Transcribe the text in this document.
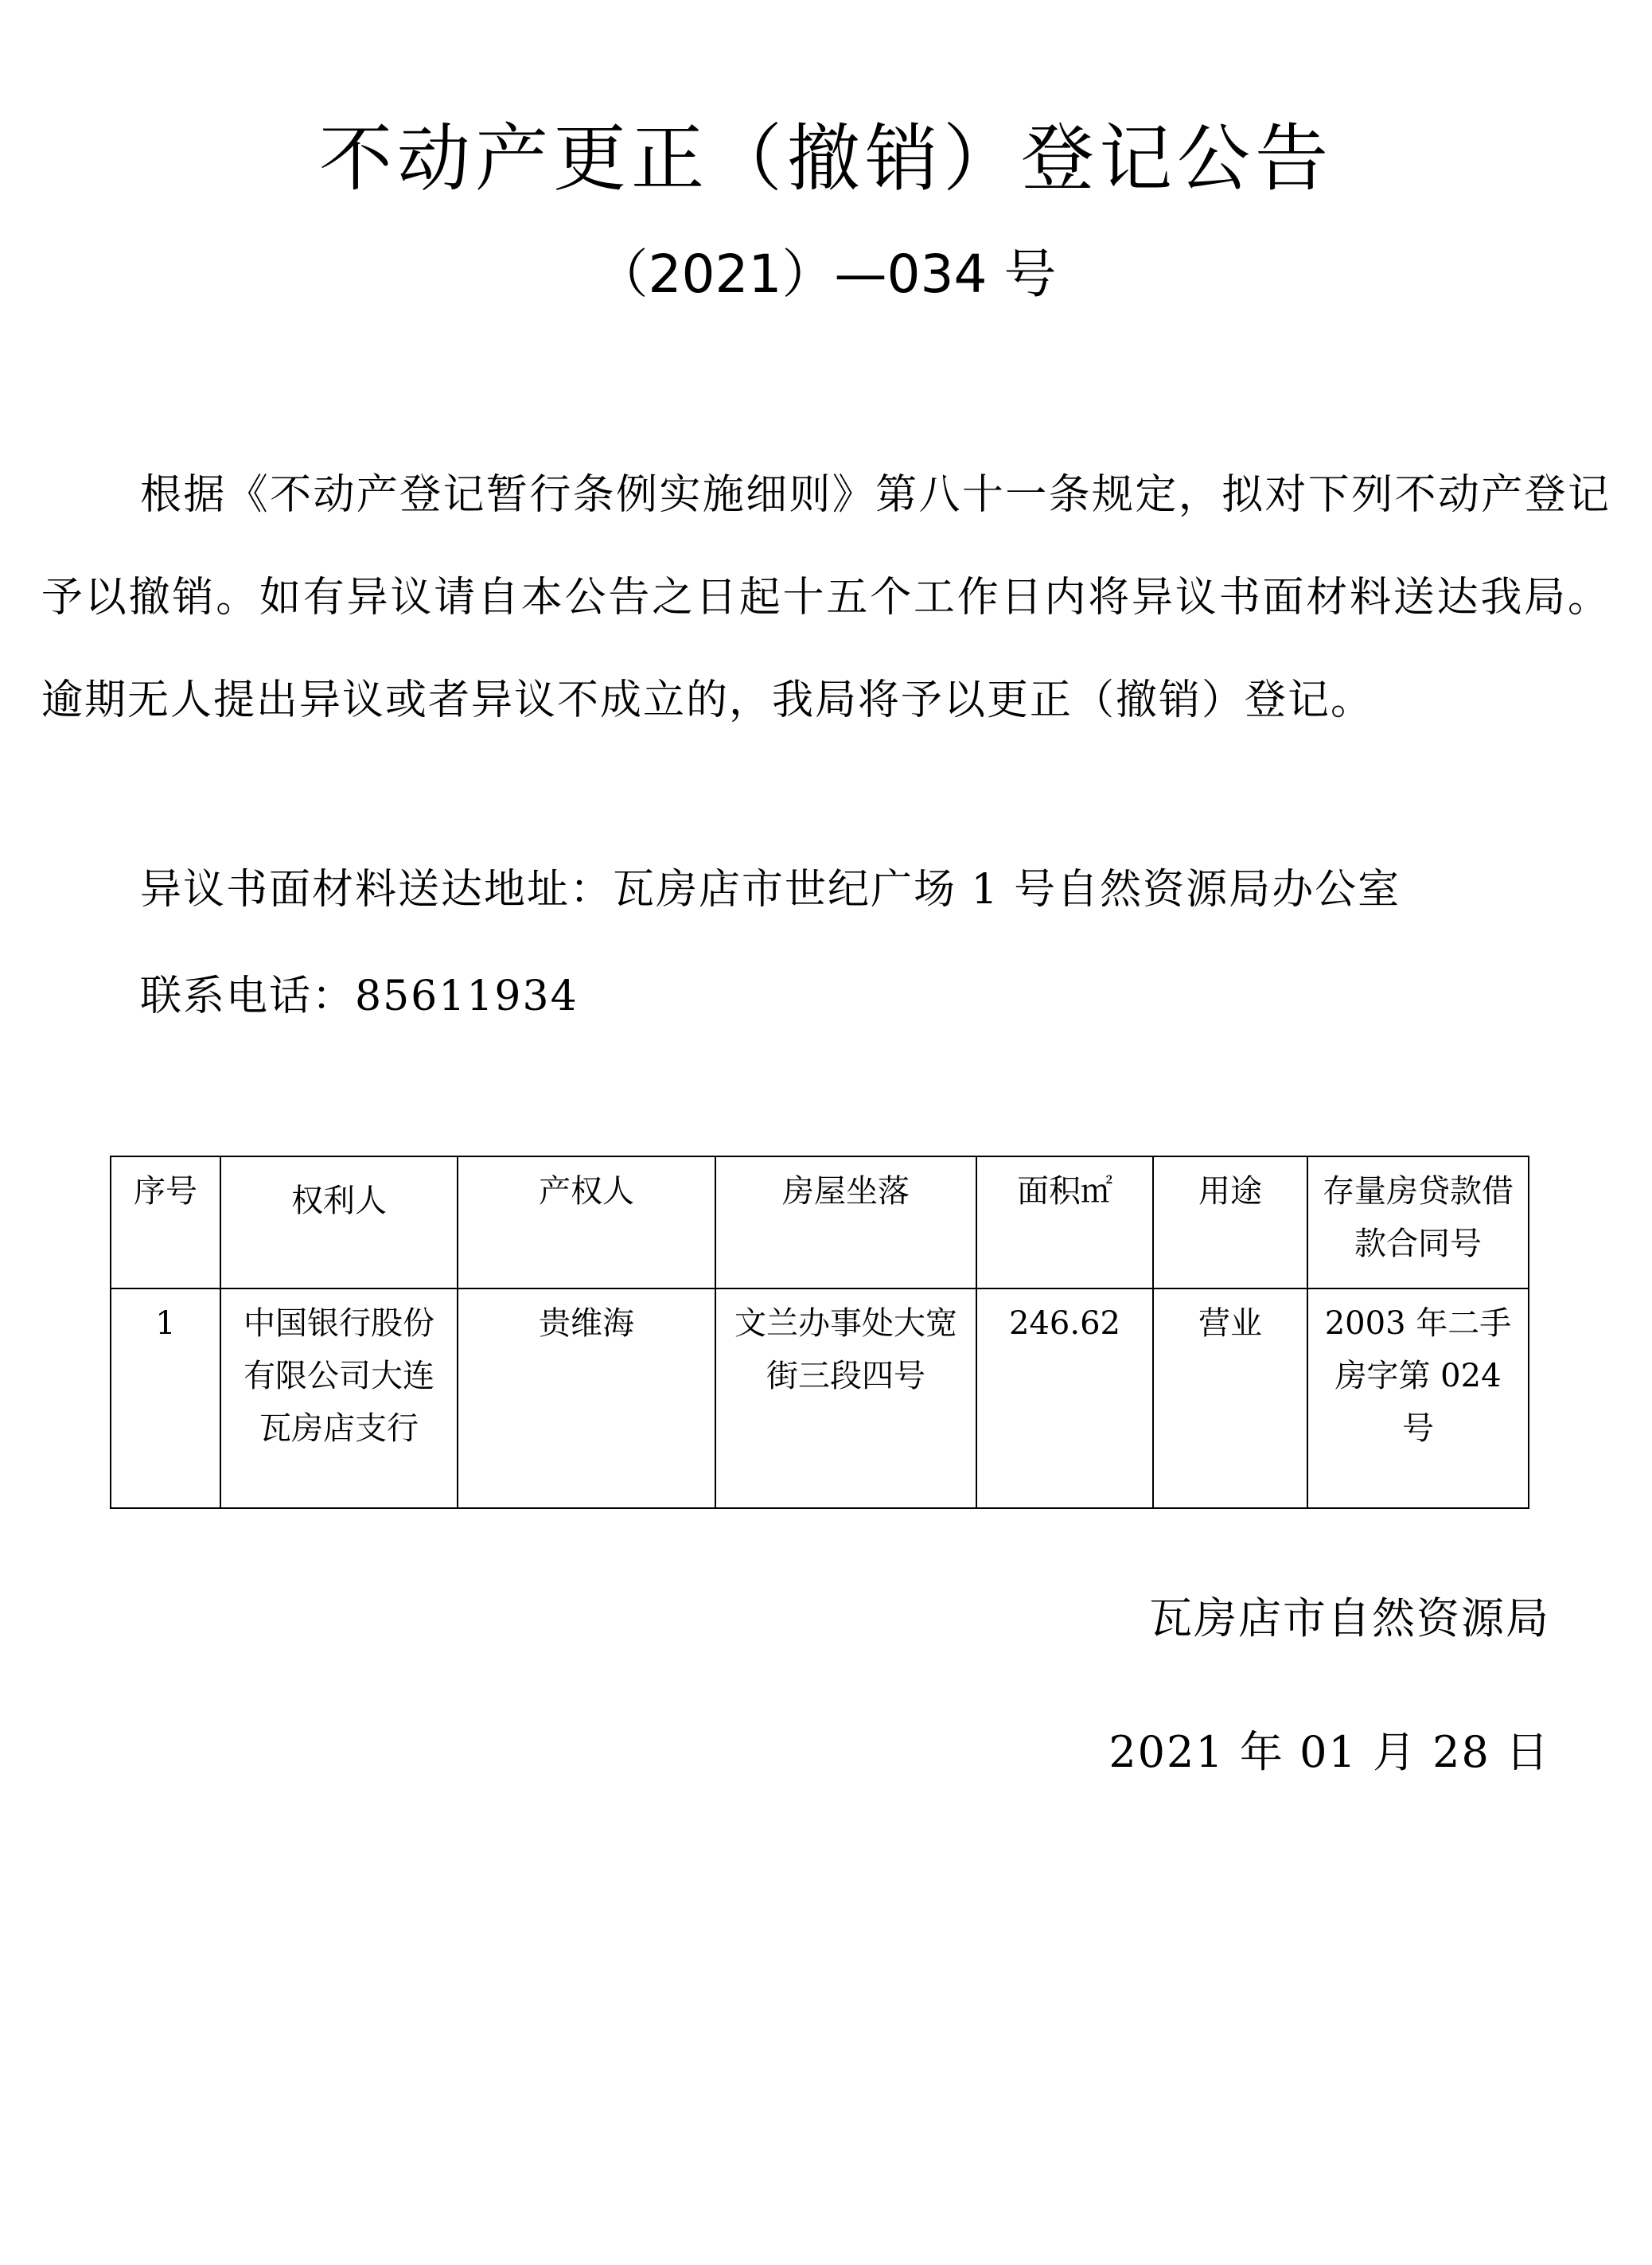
不动产更正（撤销）登记公告
（2021）—034 号

根据《不动产登记暂行条例实施细则》第八十一条规定，拟对下列不动产登记予以撤销。如有异议请自本公告之日起十五个工作日内将异议书面材料送达我局。逾期无人提出异议或者异议不成立的，我局将予以更正（撤销）登记。

异议书面材料送达地址：瓦房店市世纪广场 1 号自然资源局办公室
联系电话：85611934
序号	权利人	产权人	房屋坐落	面积㎡	用途	存量房贷款借款合同号
1	中国银行股份有限公司大连瓦房店支行	贵维海	文兰办事处大宽街三段四号	246.62	营业	2003 年二手房字第 024 号
瓦房店市自然资源局
2021 年 01 月 28 日
